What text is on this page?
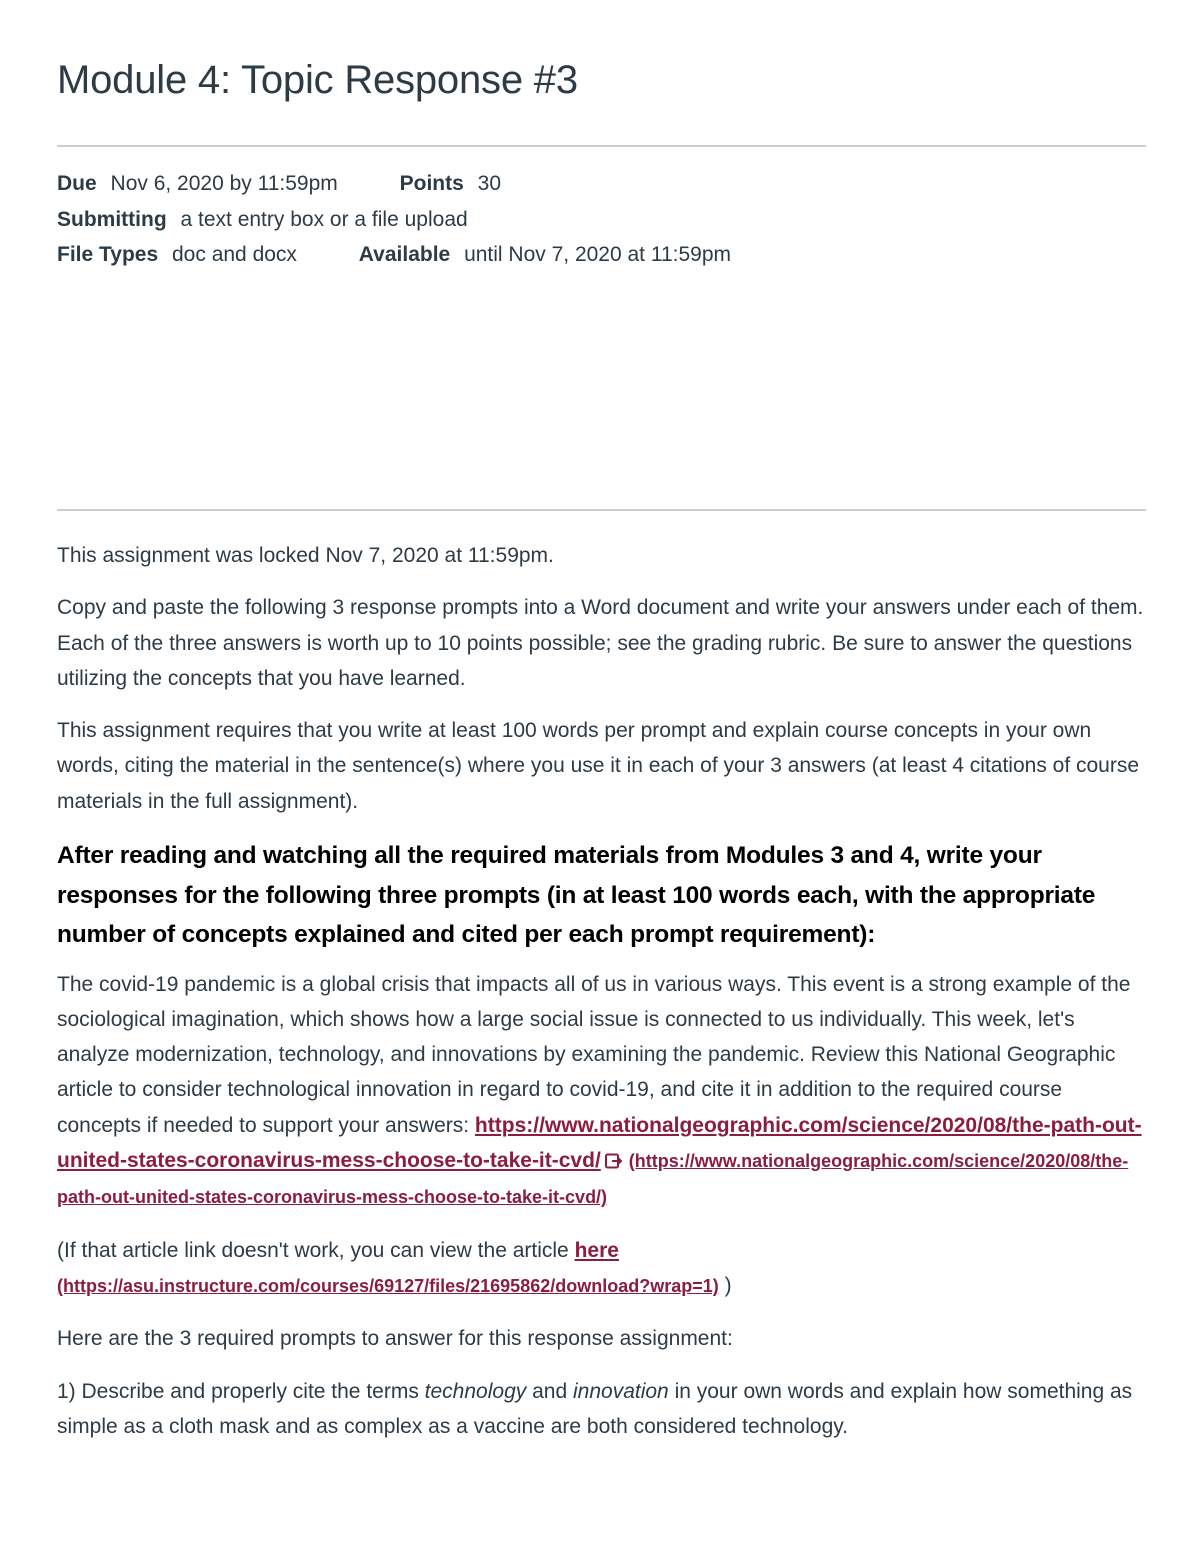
Module 4: Topic Response #3
Due Nov 6, 2020 by 11:59pm	Points 30
Submitting a text entry box or a file upload
File Types doc and docx	Available until Nov 7, 2020 at 11:59pm

This assignment was locked Nov 7, 2020 at 11:59pm.

Copy and paste the following 3 response prompts into a Word document and write your answers under each of them. Each of the three answers is worth up to 10 points possible; see the grading rubric. Be sure to answer the questions utilizing the concepts that you have learned.

This assignment requires that you write at least 100 words per prompt and explain course concepts in your own words, citing the material in the sentence(s) where you use it in each of your 3 answers (at least 4 citations of course materials in the full assignment).

After reading and watching all the required materials from Modules 3 and 4, write your responses for the following three prompts (in at least 100 words each, with the appropriate number of concepts explained and cited per each prompt requirement):

The covid-19 pandemic is a global crisis that impacts all of us in various ways. This event is a strong example of the sociological imagination, which shows how a large social issue is connected to us individually. This week, let's analyze modernization, technology, and innovations by examining the pandemic. Review this National Geographic article to consider technological innovation in regard to covid-19, and cite it in addition to the required course concepts if needed to support your answers: https://www.nationalgeographic.com/science/2020/08/the-path-out-united-states-coronavirus-mess-choose-to-take-it-cvd/ (https://www.nationalgeographic.com/science/2020/08/the-path-out-united-states-coronavirus-mess-choose-to-take-it-cvd/)

(If that article link doesn't work, you can view the article here (https://asu.instructure.com/courses/69127/files/21695862/download?wrap=1) )

Here are the 3 required prompts to answer for this response assignment:

1) Describe and properly cite the terms technology and innovation in your own words and explain how something as simple as a cloth mask and as complex as a vaccine are both considered technology.
